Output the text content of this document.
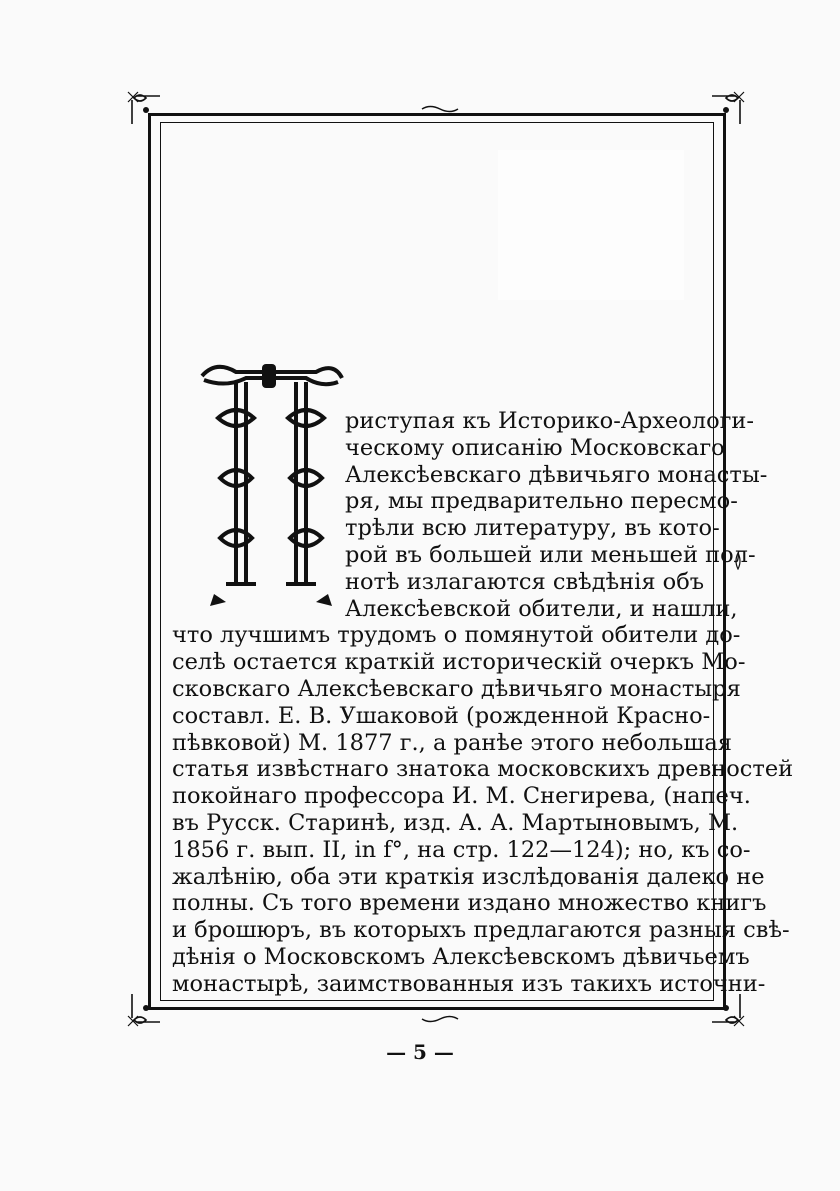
риступая къ Историко-Археологи-
ческому описанію Московскаго
Алексѣевскаго дѣвичьяго монасты-
ря, мы предварительно пересмо-
трѣли всю литературу, въ кото-
рой въ большей или меньшей пол-
нотѣ излагаются свѣдѣнія объ
Алексѣевской обители, и нашли,
что лучшимъ трудомъ о помянутой обители до-
селѣ остается краткій историческій очеркъ Мо-
сковскаго Алексѣевскаго дѣвичьяго монастыря
составл. Е. В. Ушаковой (рожденной Красно-
пѣвковой) М. 1877 г., а ранѣе этого небольшая
статья извѣстнаго знатока московскихъ древностей
покойнаго профессора И. М. Снегирева, (напеч.
въ Русск. Старинѣ, изд. А. А. Мартыновымъ, М.
1856 г. вып. II, in f°, на стр. 122—124); но, къ со-
жалѣнію, оба эти краткія изслѣдованія далеко не
полны. Съ того времени издано множество книгъ
и брошюръ, въ которыхъ предлагаются разныя свѣ-
дѣнія о Московскомъ Алексѣевскомъ дѣвичьемъ
монастырѣ, заимствованныя изъ такихъ источни-
— 5 —
